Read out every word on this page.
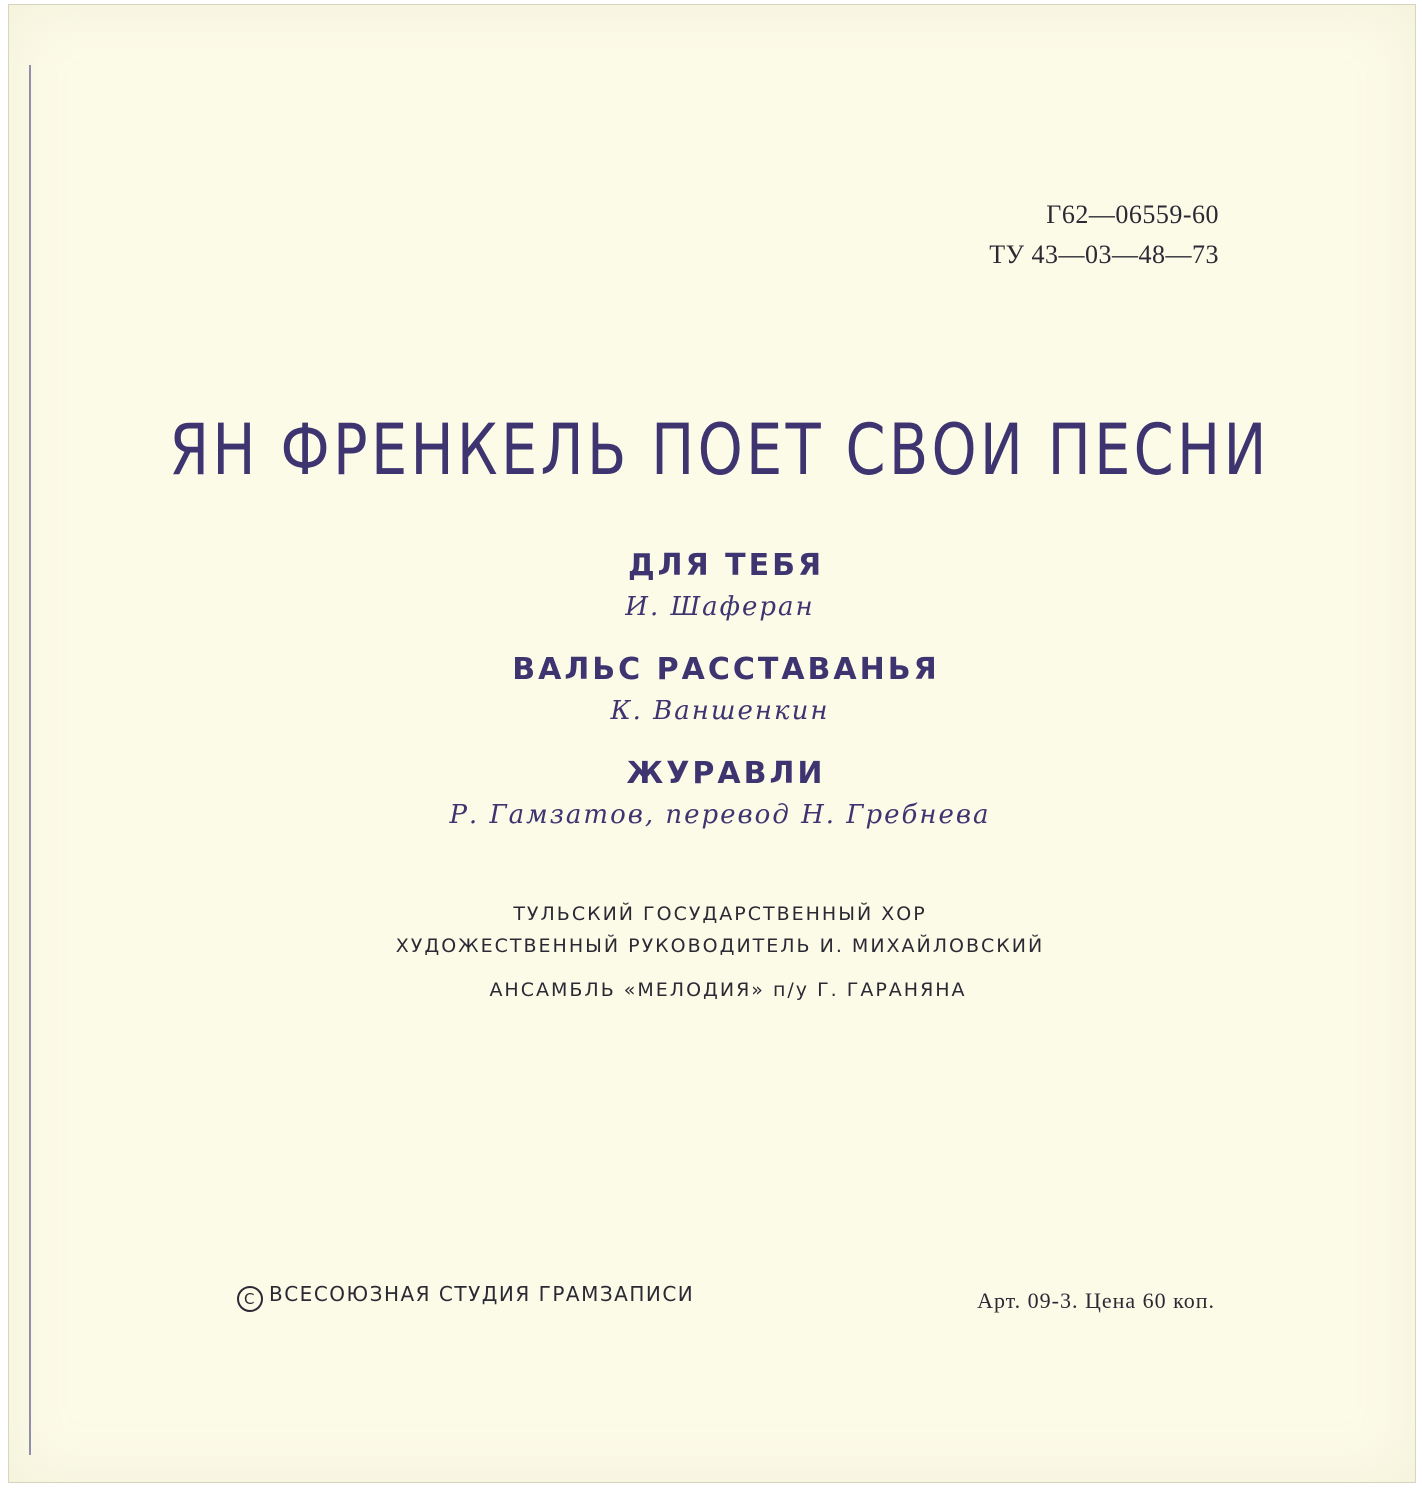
Г62—06559-60
ТУ 43—03—48—73
ЯН ФРЕНКЕЛЬ ПОЕТ СВОИ ПЕСНИ
ДЛЯ ТЕБЯ
И. Шаферан
ВАЛЬС РАССТАВАНЬЯ
К. Ваншенкин
ЖУРАВЛИ
Р. Гамзатов, перевод Н. Гребнева
ТУЛЬСКИЙ ГОСУДАРСТВЕННЫЙ ХОР
ХУДОЖЕСТВЕННЫЙ РУКОВОДИТЕЛЬ И. МИХАЙЛОВСКИЙ
АНСАМБЛЬ «МЕЛОДИЯ» п/у Г. ГАРАНЯНА
C ВСЕСОЮЗНАЯ СТУДИЯ ГРАМЗАПИСИ	Арт. 09-3. Цена 60 коп.
